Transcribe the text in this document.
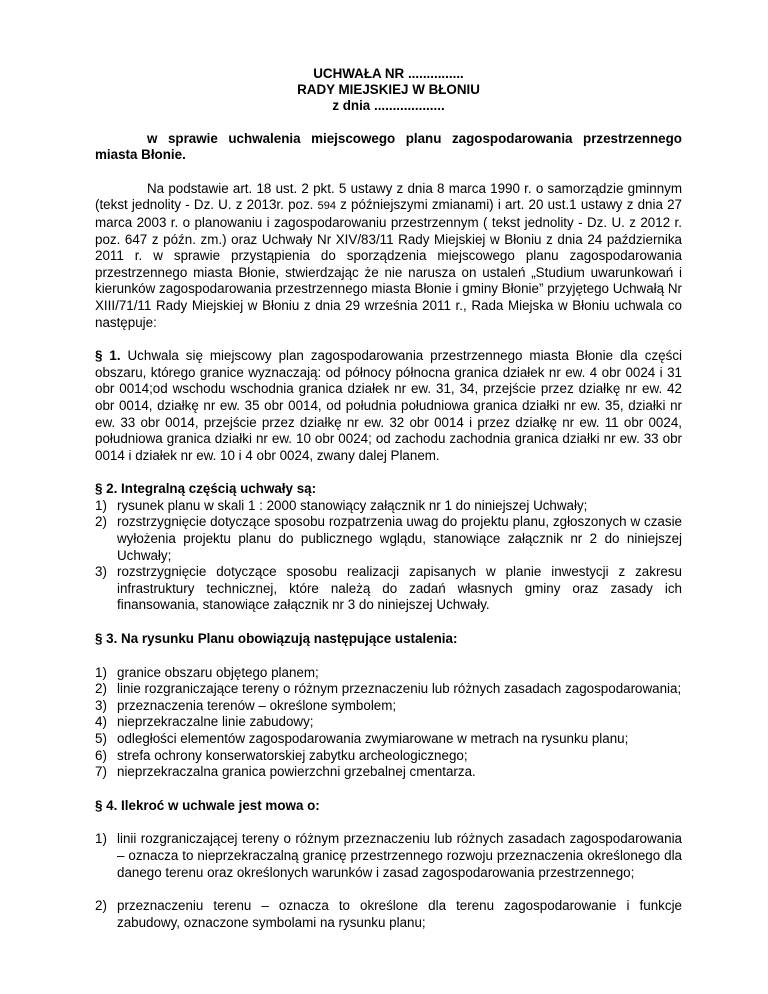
UCHWAŁA NR ...............
RADY MIEJSKIEJ W BŁONIU
z dnia ...................
w sprawie uchwalenia miejscowego planu zagospodarowania przestrzennego miasta Błonie.
Na podstawie art. 18 ust. 2 pkt. 5 ustawy z dnia 8 marca 1990 r. o samorządzie gminnym (tekst jednolity - Dz. U. z 2013r. poz. 594 z późniejszymi zmianami) i art. 20 ust.1 ustawy z dnia 27 marca 2003 r. o planowaniu i zagospodarowaniu przestrzennym ( tekst jednolity - Dz. U. z 2012 r. poz. 647 z późn. zm.) oraz Uchwały Nr XIV/83/11 Rady Miejskiej w Błoniu z dnia 24 października 2011 r. w sprawie przystąpienia do sporządzenia miejscowego planu zagospodarowania przestrzennego miasta Błonie, stwierdzając że nie narusza on ustaleń „Studium uwarunkowań i kierunków zagospodarowania przestrzennego miasta Błonie i gminy Błonie” przyjętego Uchwałą Nr XIII/71/11 Rady Miejskiej w Błoniu z dnia 29 września 2011 r., Rada Miejska w Błoniu uchwala co następuje:
§ 1. Uchwala się miejscowy plan zagospodarowania przestrzennego miasta Błonie dla części obszaru, którego granice wyznaczają: od północy północna granica działek nr ew. 4 obr 0024 i 31 obr 0014;od wschodu wschodnia granica działek nr ew. 31, 34, przejście przez działkę nr ew. 42 obr 0014, działkę nr ew. 35 obr 0014, od południa południowa granica działki nr ew. 35, działki nr ew. 33 obr 0014, przejście przez działkę nr ew. 32 obr 0014 i przez działkę nr ew. 11 obr 0024, południowa granica działki nr ew. 10 obr 0024; od zachodu zachodnia granica działki nr ew. 33 obr 0014 i działek nr ew. 10 i 4 obr 0024, zwany dalej Planem.
§ 2. Integralną częścią uchwały są:
1) rysunek planu w skali 1 : 2000 stanowiący załącznik nr 1 do niniejszej Uchwały;
2) rozstrzygnięcie dotyczące sposobu rozpatrzenia uwag do projektu planu, zgłoszonych w czasie wyłożenia projektu planu do publicznego wglądu, stanowiące załącznik nr 2 do niniejszej Uchwały;
3) rozstrzygnięcie dotyczące sposobu realizacji zapisanych w planie inwestycji z zakresu infrastruktury technicznej, które należą do zadań własnych gminy oraz zasady ich finansowania, stanowiące załącznik nr 3 do niniejszej Uchwały.
§ 3. Na rysunku Planu obowiązują następujące ustalenia:
1) granice obszaru objętego planem;
2) linie rozgraniczające tereny o różnym przeznaczeniu lub różnych zasadach zagospodarowania;
3) przeznaczenia terenów – określone symbolem;
4) nieprzekraczalne linie zabudowy;
5) odległości elementów zagospodarowania zwymiarowane w metrach na rysunku planu;
6) strefa ochrony konserwatorskiej zabytku archeologicznego;
7) nieprzekraczalna granica powierzchni grzebalnej cmentarza.
§ 4. Ilekroć w uchwale jest mowa o:
1) linii rozgraniczającej tereny o różnym przeznaczeniu lub różnych zasadach zagospodarowania – oznacza to nieprzekraczalną granicę przestrzennego rozwoju przeznaczenia określonego dla danego terenu oraz określonych warunków i zasad zagospodarowania przestrzennego;
2) przeznaczeniu terenu – oznacza to określone dla terenu zagospodarowanie i funkcje zabudowy, oznaczone symbolami na rysunku planu;
